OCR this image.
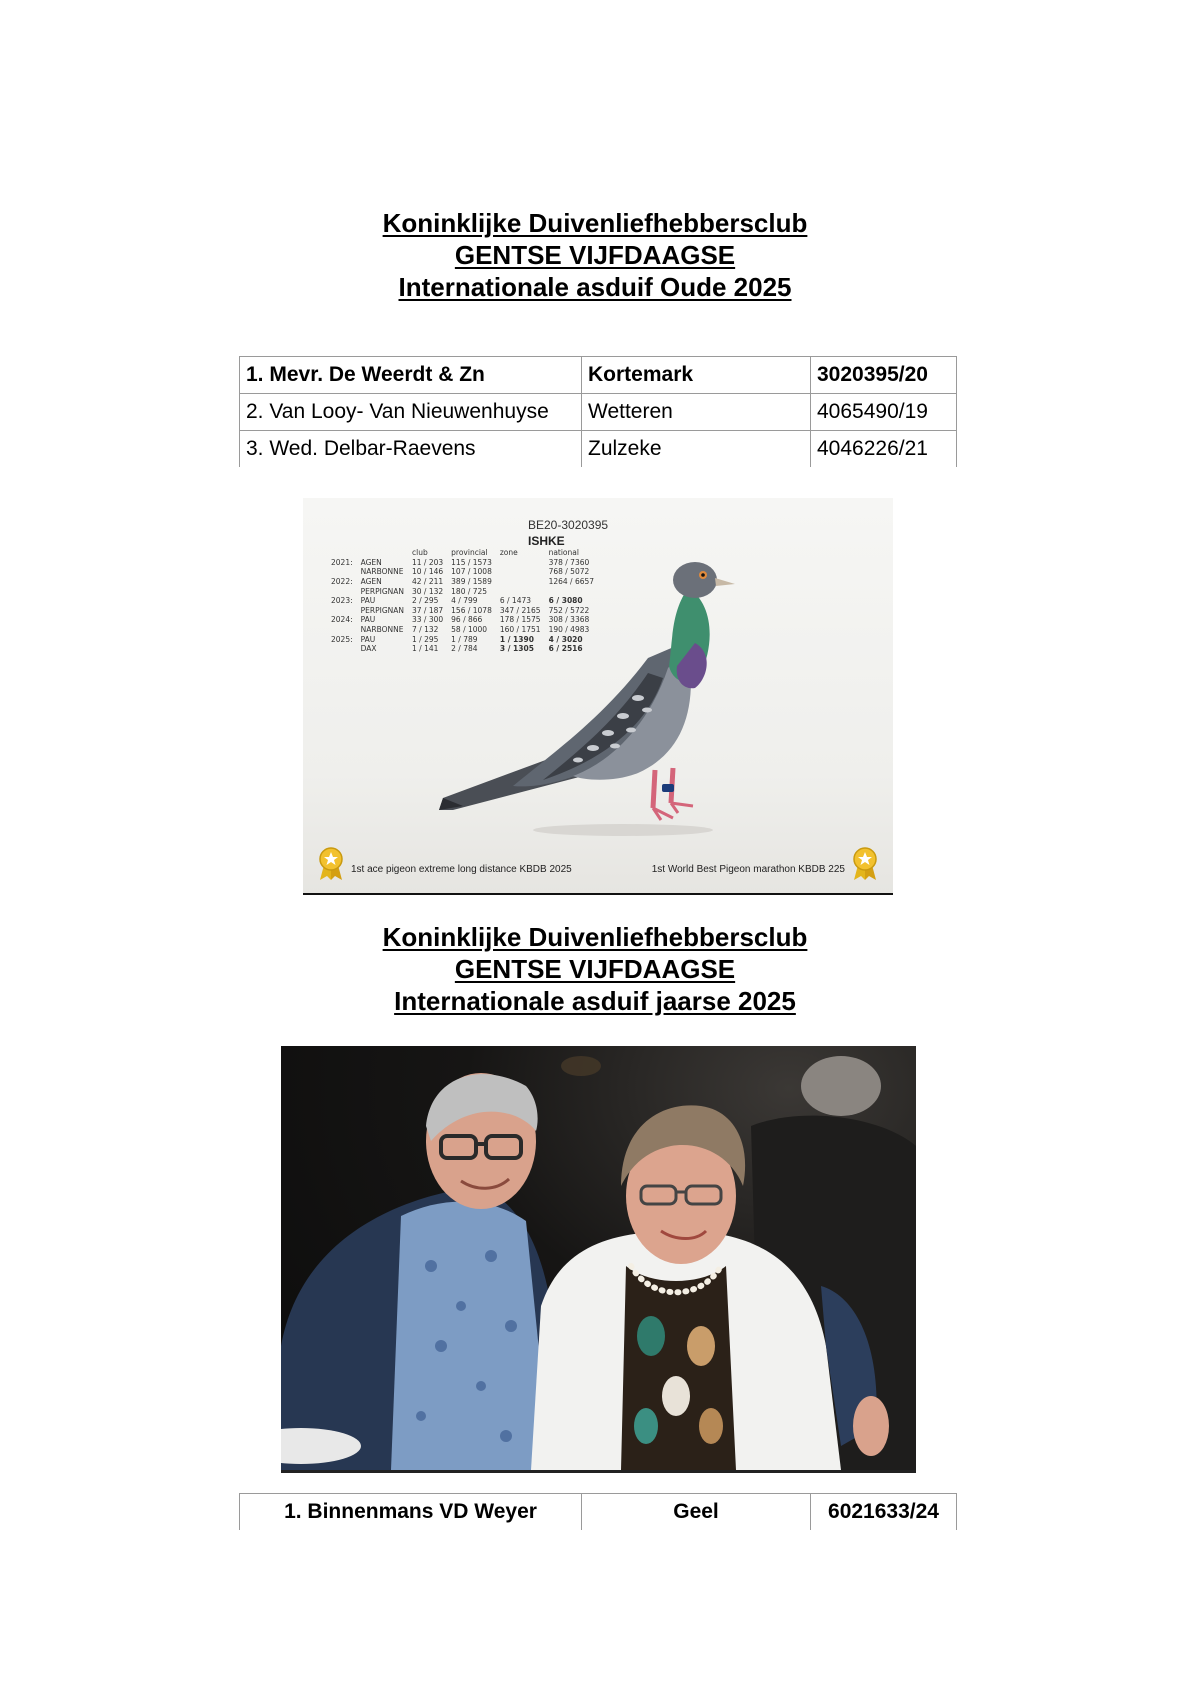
Koninklijke Duivenliefhebbersclub
GENTSE VIJFDAAGSE
Internationale asduif Oude 2025
1. Mevr. De Weerdt & Zn	Kortemark	3020395/20
2. Van Looy- Van Nieuwenhuyse	Wetteren	4065490/19
3. Wed. Delbar-Raevens	Zulzeke	4046226/21
BE20-3020395
ISHKE
		club	provincial	zone	national
2021:	AGEN	11 / 203	115 / 1573		378 / 7360
	NARBONNE	10 / 146	107 / 1008		768 / 5072
2022:	AGEN	42 / 211	389 / 1589		1264 / 6657
	PERPIGNAN	30 / 132	180 / 725		
2023:	PAU	2 / 295	4 / 799	6 / 1473	6 / 3080
	PERPIGNAN	37 / 187	156 / 1078	347 / 2165	752 / 5722
2024:	PAU	33 / 300	96 / 866	178 / 1575	308 / 3368
	NARBONNE	7 / 132	58 / 1000	160 / 1751	190 / 4983
2025:	PAU	1 / 295	1 / 789	1 / 1390	4 / 3020
	DAX	1 / 141	2 / 784	3 / 1305	6 / 2516
1st ace pigeon extreme long distance KBDB 2025	1st World Best Pigeon marathon KBDB 225
Koninklijke Duivenliefhebbersclub
GENTSE VIJFDAAGSE
Internationale asduif jaarse 2025
1. Binnenmans VD Weyer	Geel	6021633/24
